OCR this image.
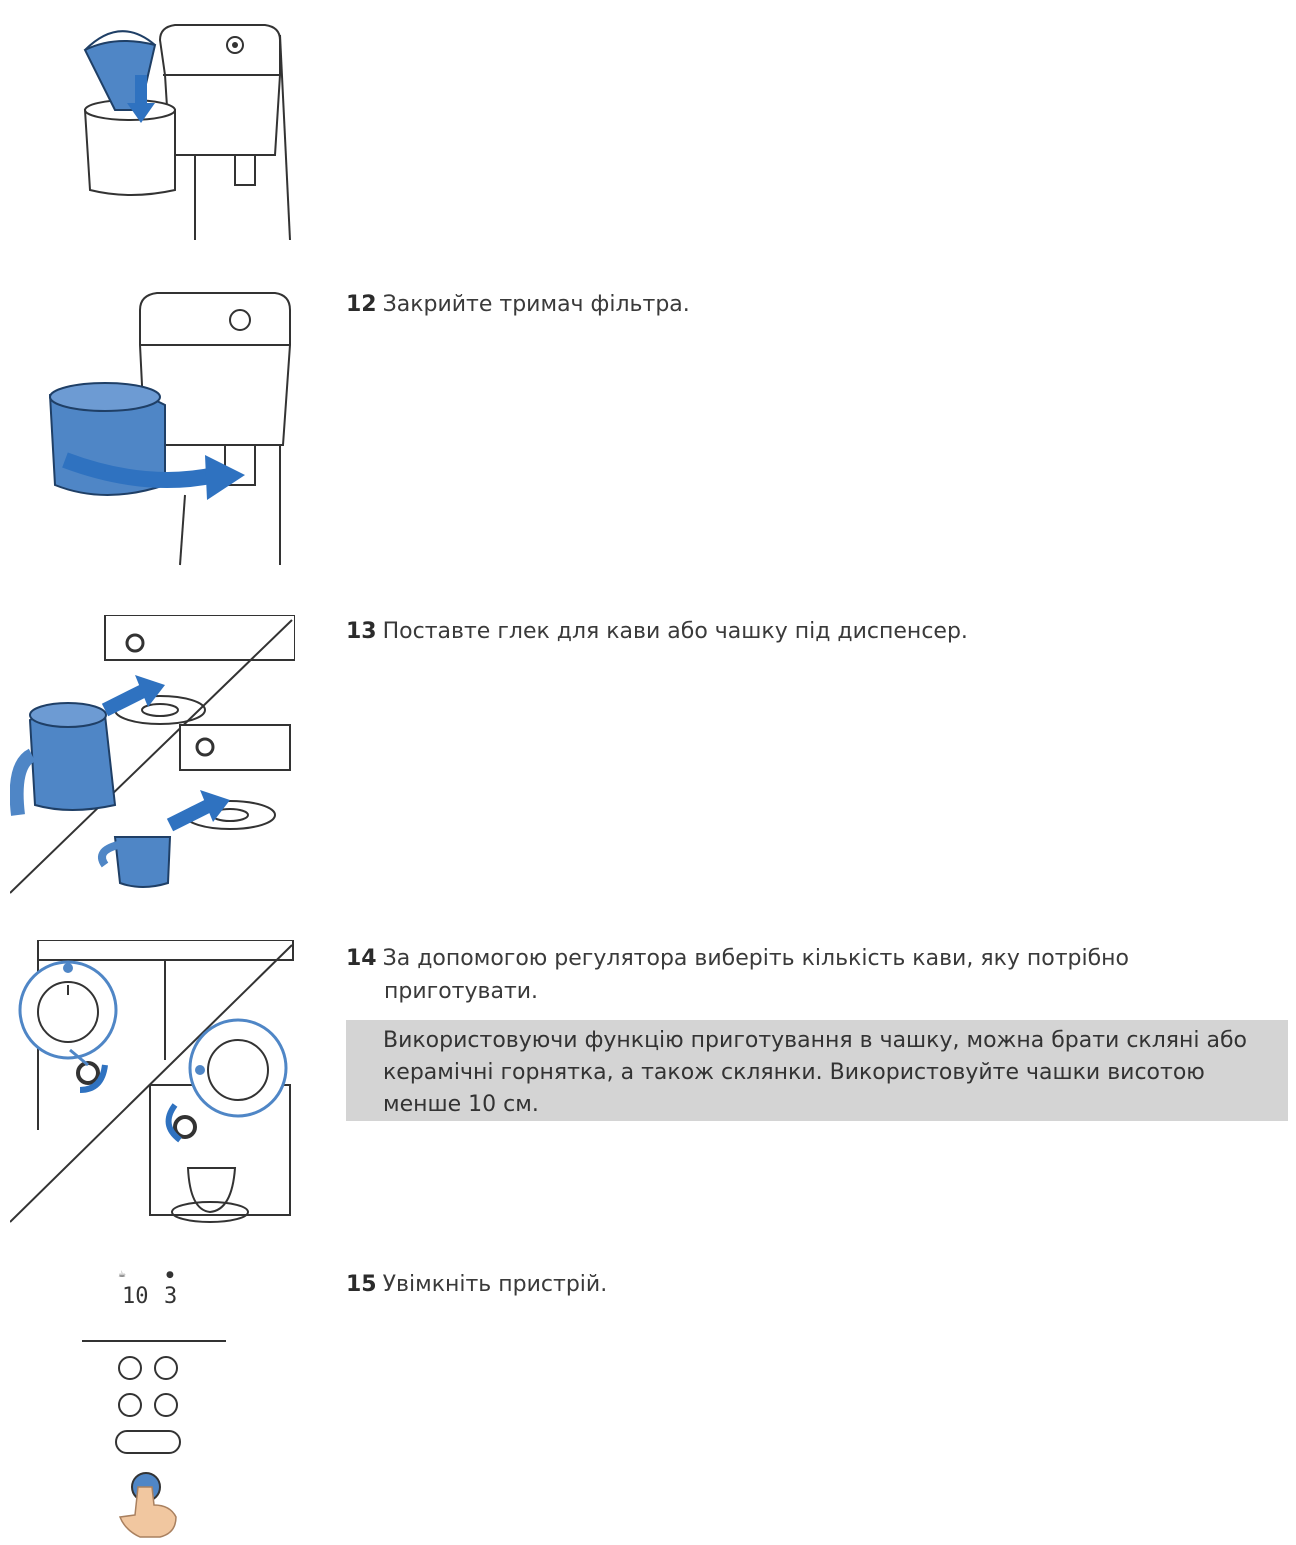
☕	●
10 3
12 Закрийте тримач фільтра.
13 Поставте глек для кави або чашку під диспенсер.
14 За допомогою регулятора виберіть кількість кави, яку потрібно
приготувати.
Використовуючи функцію приготування в чашку, можна брати скляні або
керамічні горнятка, а також склянки. Використовуйте чашки висотою
менше 10 см.
15 Увімкніть пристрій.
